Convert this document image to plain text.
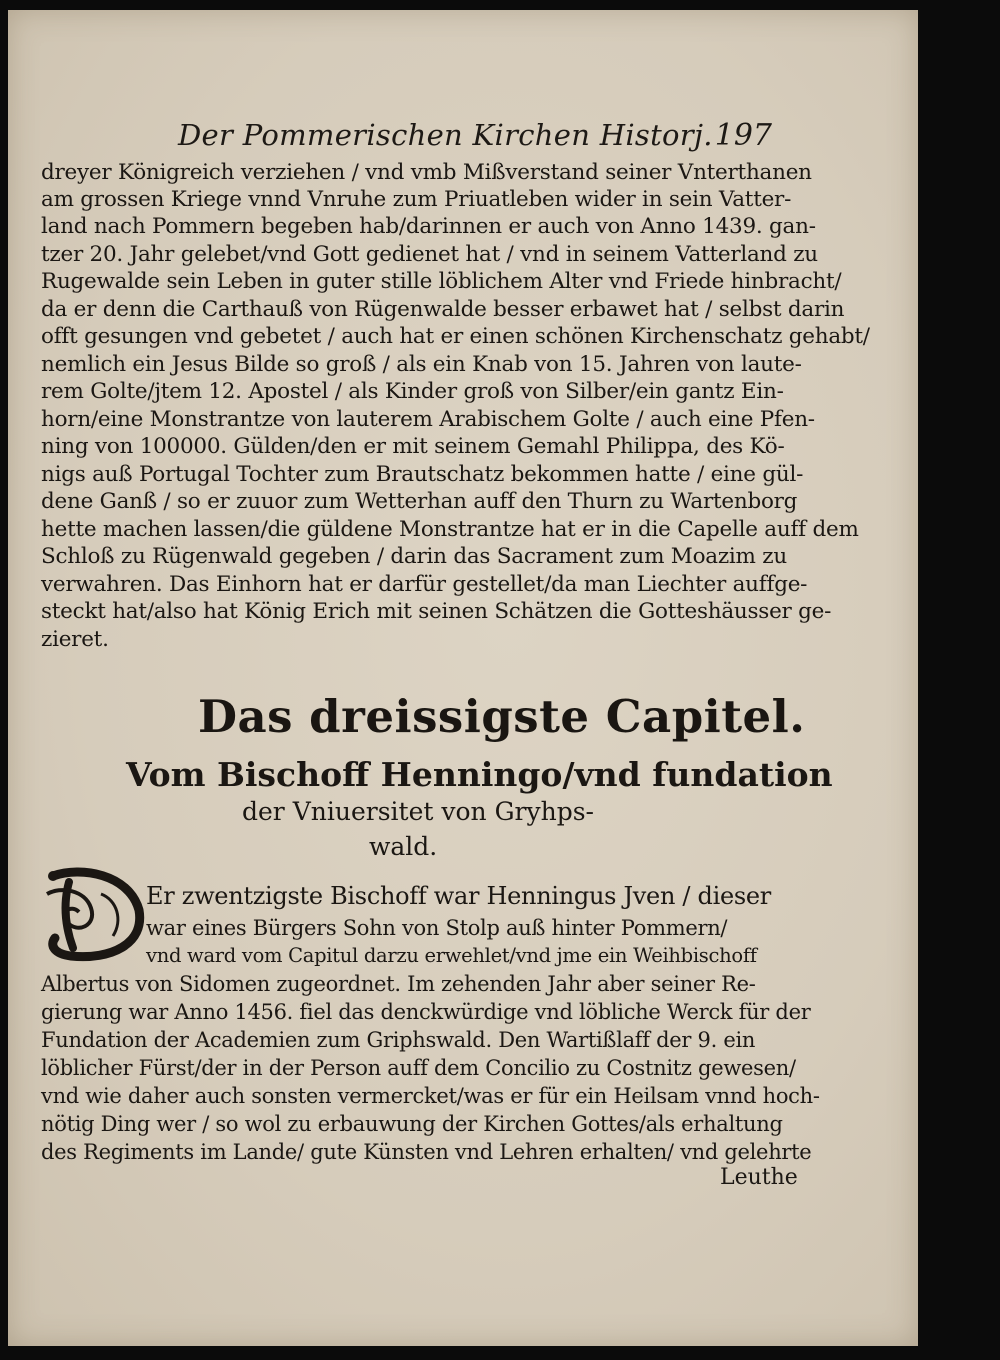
Der Pommerischen Kirchen Historj. 197
dreyer Königreich verziehen / vnd vmb Mißverstand seiner Vnterthanen
am grossen Kriege vnnd Vnruhe zum Priuatleben wider in sein Vatter-
land nach Pommern begeben hab/darinnen er auch von Anno 1439. gan-
tzer 20. Jahr gelebet/vnd Gott gedienet hat / vnd in seinem Vatterland zu
Rugewalde sein Leben in guter stille löblichem Alter vnd Friede hinbracht/
da er denn die Carthauß von Rügenwalde besser erbawet hat / selbst darin
offt gesungen vnd gebetet / auch hat er einen schönen Kirchenschatz gehabt/
nemlich ein Jesus Bilde so groß / als ein Knab von 15. Jahren von laute-
rem Golte/jtem 12. Apostel / als Kinder groß von Silber/ein gantz Ein-
horn/eine Monstrantze von lauterem Arabischem Golte / auch eine Pfen-
ning von 100000. Gülden/den er mit seinem Gemahl Philippa, des Kö-
nigs auß Portugal Tochter zum Brautschatz bekommen hatte / eine gül-
dene Ganß / so er zuuor zum Wetterhan auff den Thurn zu Wartenborg
hette machen lassen/die güldene Monstrantze hat er in die Capelle auff dem
Schloß zu Rügenwald gegeben / darin das Sacrament zum Moazim zu
verwahren. Das Einhorn hat er darfür gestellet/da man Liechter auffge-
steckt hat/also hat König Erich mit seinen Schätzen die Gotteshäusser ge-
zieret.
Das dreissigste Capitel.
Vom Bischoff Henningo/vnd fundation
der Vniuersitet von Gryhps-
wald.
D
Er zwentzigste Bischoff war Henningus Jven / dieser
war eines Bürgers Sohn von Stolp auß hinter Pommern/
vnd ward vom Capitul darzu erwehlet/vnd jme ein Weihbischoff
Albertus von Sidomen zugeordnet. Im zehenden Jahr aber seiner Re-
gierung war Anno 1456. fiel das denckwürdige vnd löbliche Werck für der
Fundation der Academien zum Griphswald. Den Wartißlaff der 9. ein
löblicher Fürst/der in der Person auff dem Concilio zu Costnitz gewesen/
vnd wie daher auch sonsten vermercket/was er für ein Heilsam vnnd hoch-
nötig Ding wer / so wol zu erbauwung der Kirchen Gottes/als erhaltung
des Regiments im Lande/ gute Künsten vnd Lehren erhalten/ vnd gelehrte
Leuthe
